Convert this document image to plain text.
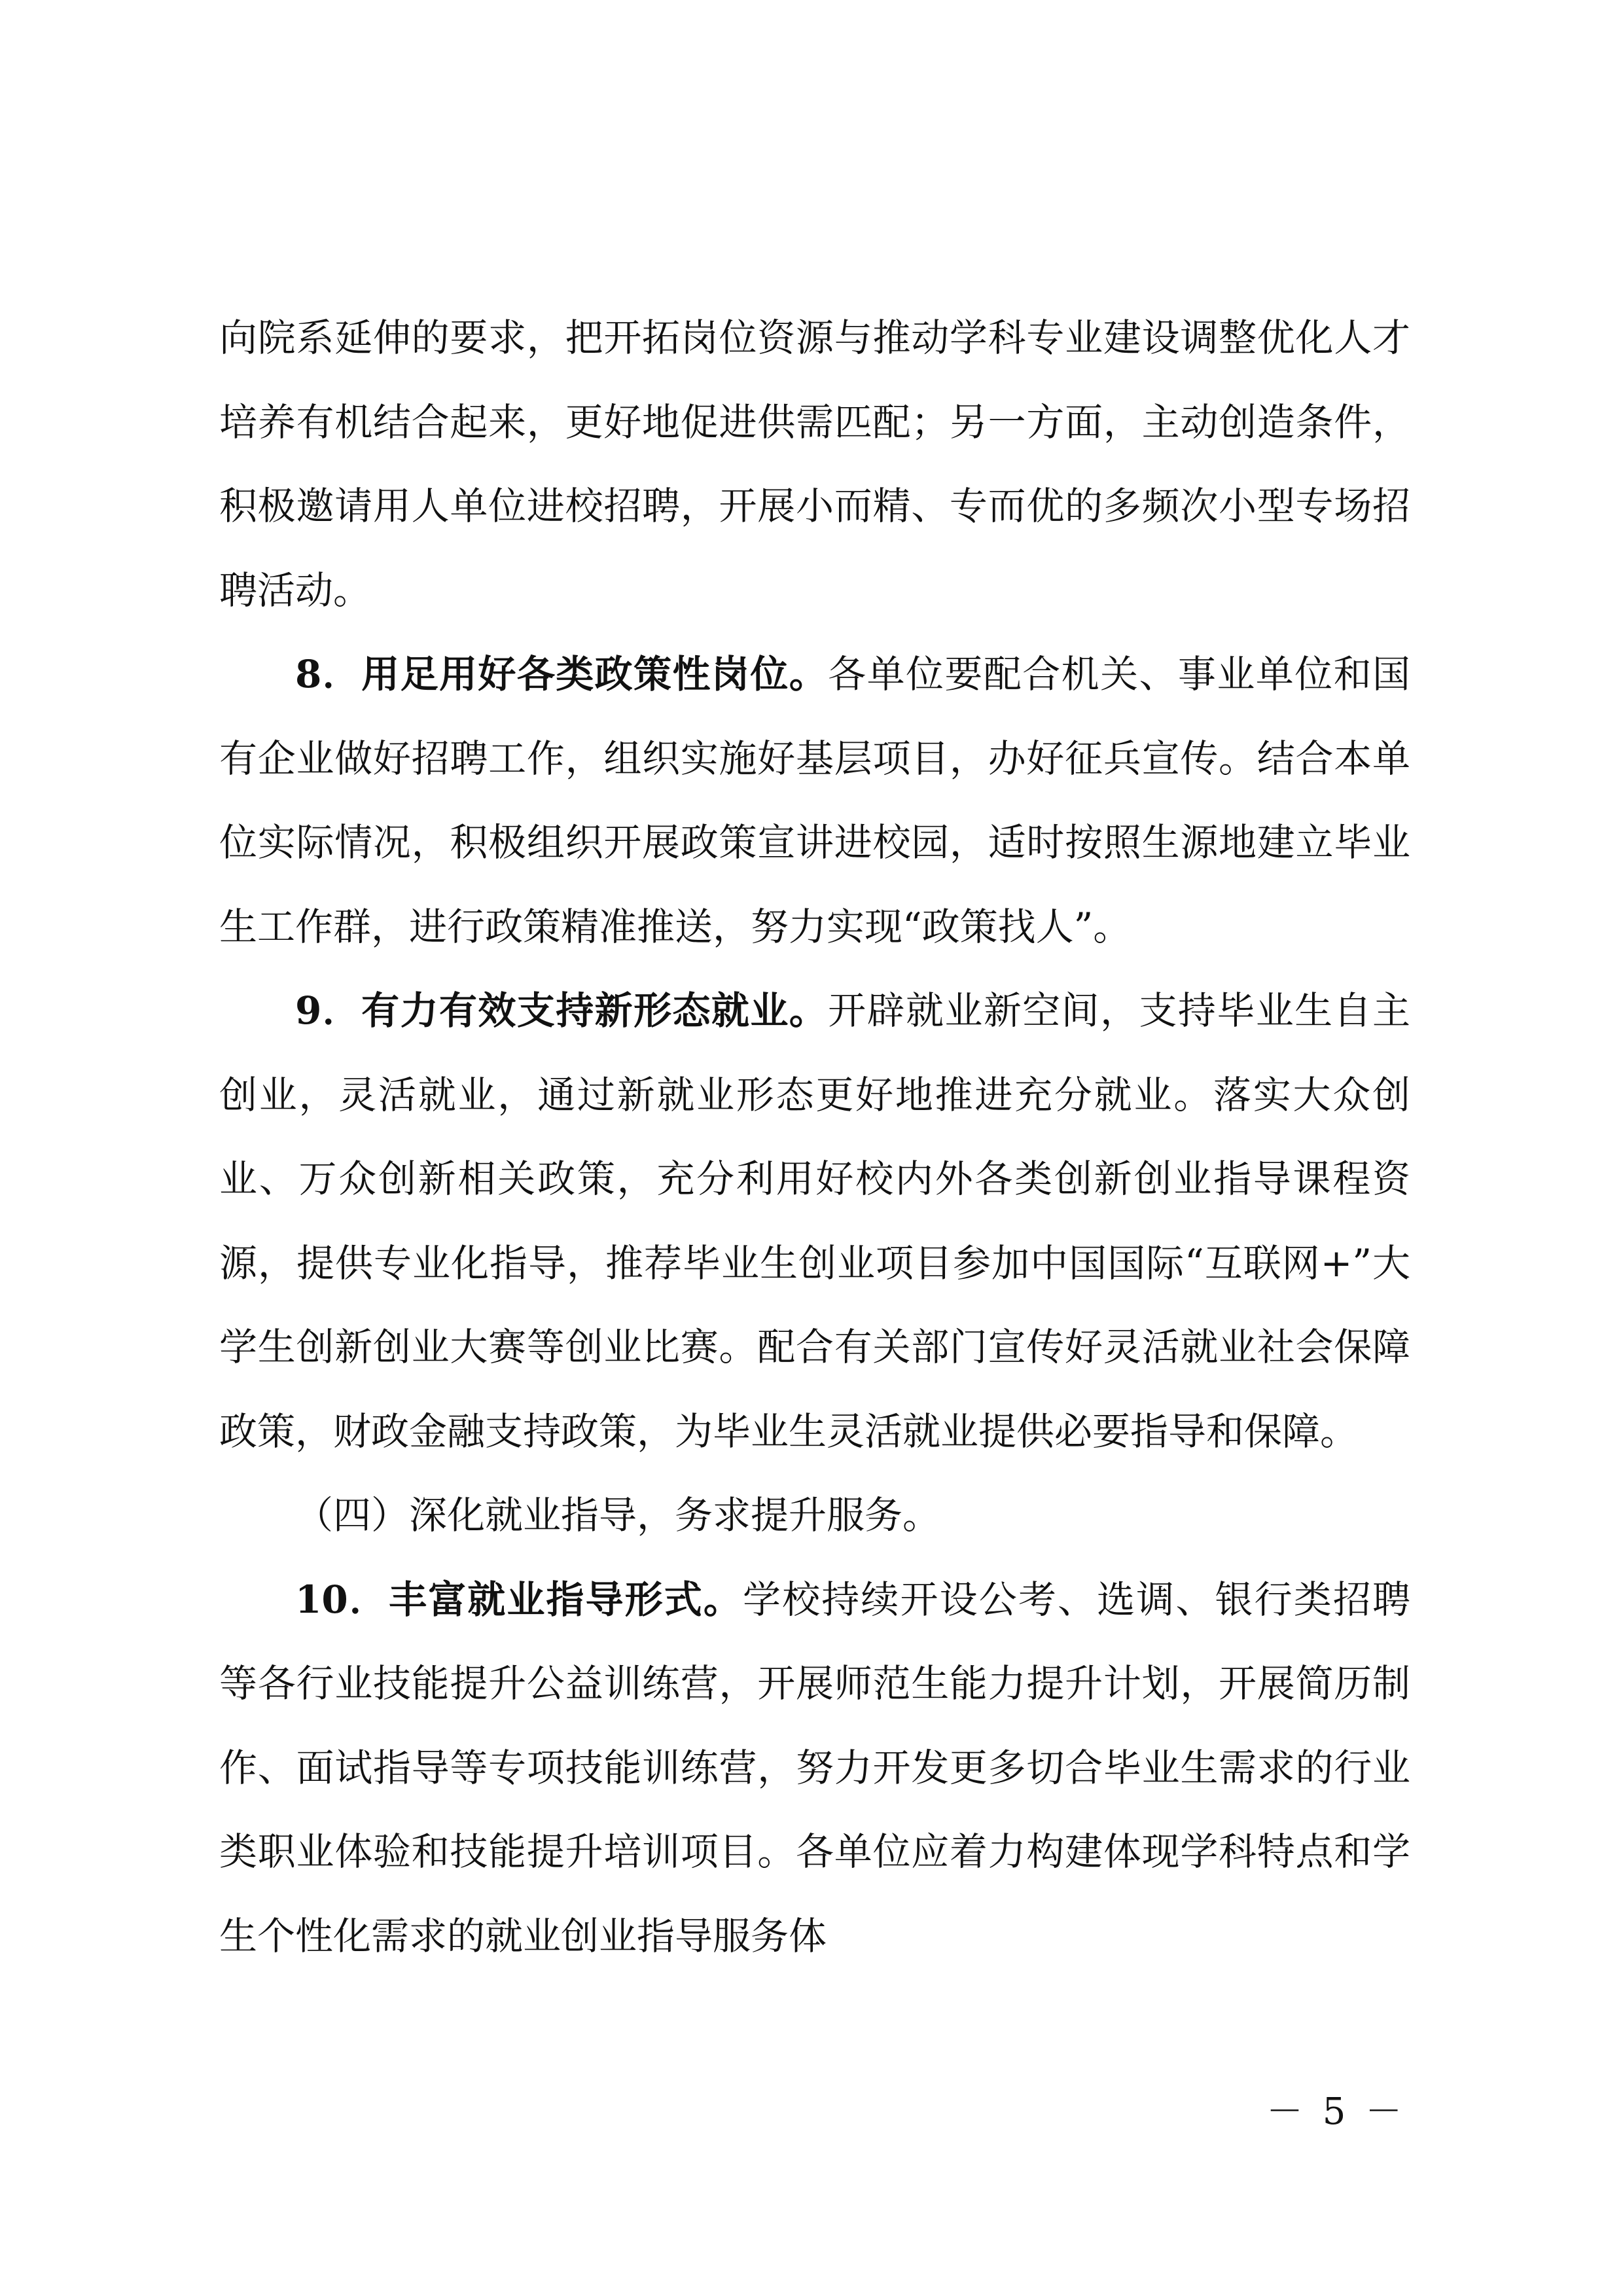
向院系延伸的要求，把开拓岗位资源与推动学科专业建设调整优化人才培养有机结合起来，更好地促进供需匹配；另一方面，主动创造条件，积极邀请用人单位进校招聘，开展小而精、专而优的多频次小型专场招聘活动。

8．用足用好各类政策性岗位。各单位要配合机关、事业单位和国有企业做好招聘工作，组织实施好基层项目，办好征兵宣传。结合本单位实际情况，积极组织开展政策宣讲进校园，适时按照生源地建立毕业生工作群，进行政策精准推送，努力实现“政策找人”。

9．有力有效支持新形态就业。开辟就业新空间，支持毕业生自主创业，灵活就业，通过新就业形态更好地推进充分就业。落实大众创业、万众创新相关政策，充分利用好校内外各类创新创业指导课程资源，提供专业化指导，推荐毕业生创业项目参加中国国际“互联网+”大学生创新创业大赛等创业比赛。配合有关部门宣传好灵活就业社会保障政策，财政金融支持政策，为毕业生灵活就业提供必要指导和保障。

（四）深化就业指导，务求提升服务。

10．丰富就业指导形式。学校持续开设公考、选调、银行类招聘等各行业技能提升公益训练营，开展师范生能力提升计划，开展简历制作、面试指导等专项技能训练营，努力开发更多切合毕业生需求的行业类职业体验和技能提升培训项目。各单位应着力构建体现学科特点和学生个性化需求的就业创业指导服务体

－ 5 －
